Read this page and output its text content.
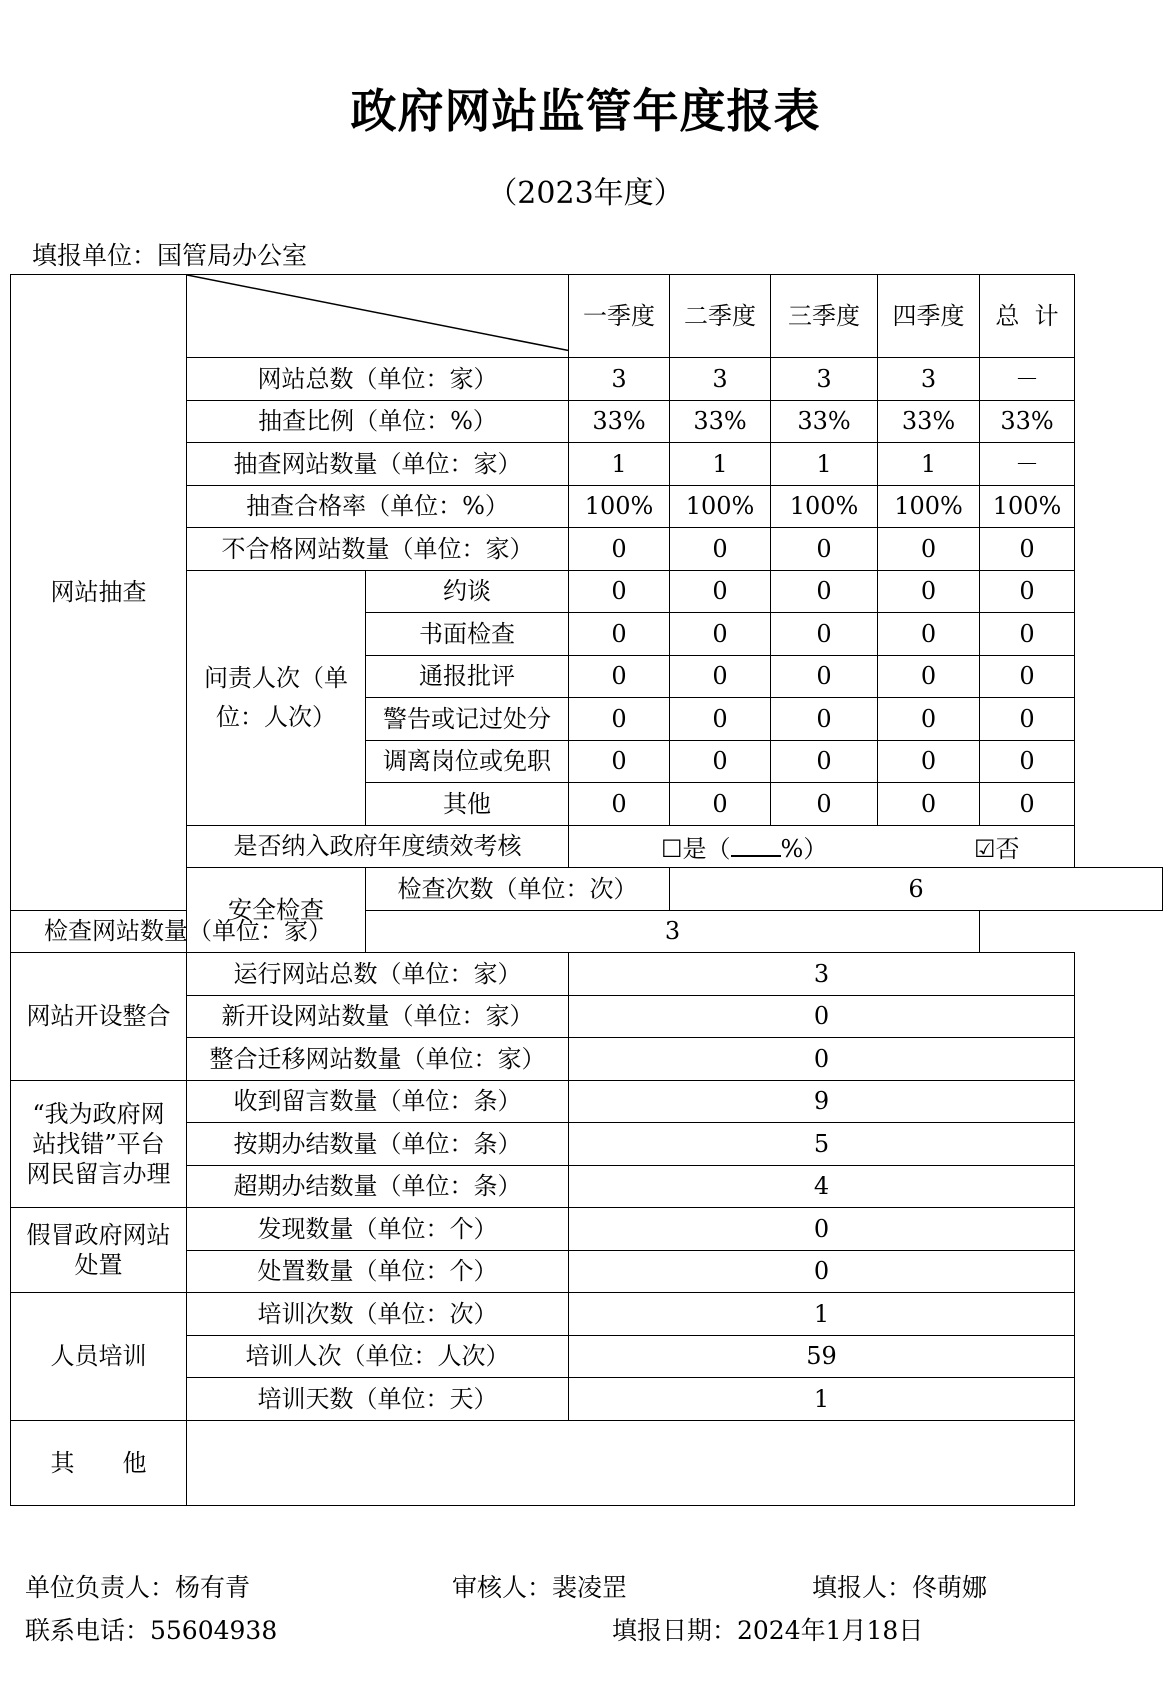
政府网站监管年度报表
（2023年度）
填报单位：国管局办公室
网站抽查			一季度	二季度	三季度	四季度	总  计
	网站总数（单位：家）		3	3	3	3	－
	抽查比例（单位：%）		33%	33%	33%	33%	33%
	抽查网站数量（单位：家）		1	1	1	1	－
	抽查合格率（单位：%）		100%	100%	100%	100%	100%
	不合格网站数量（单位：家）		0	0	0	0	0

	问责人次（单位：人次）	约谈	0	0	0	0	0
		书面检查	0	0	0	0	0
		通报批评	0	0	0	0	0
		警告或记过处分	0	0	0	0	0
		调离岗位或免职	0	0	0	0	0
		其他	0	0	0	0	0
	是否纳入政府年度绩效考核		☐是（ %） ☑否				

	安全检查	检查次数（单位：次）		6			
检查网站数量（单位：家）		3					
网站开设整合	运行网站总数（单位：家）		3				
	新开设网站数量（单位：家）		0				
	整合迁移网站数量（单位：家）		0				
“我为政府网站找错”平台网民留言办理	收到留言数量（单位：条）		9				
	按期办结数量（单位：条）		5				
	超期办结数量（单位：条）		4				
假冒政府网站处置	发现数量（单位：个）		0				
	处置数量（单位：个）		0				
人员培训	培训次数（单位：次）		1				
	培训人次（单位：人次）		59				
	培训天数（单位：天）		1				
其　　他							
单位负责人：杨有青	审核人：裴凌罡	填报人：佟萌娜
联系电话：55604938	填报日期：2024年1月18日
